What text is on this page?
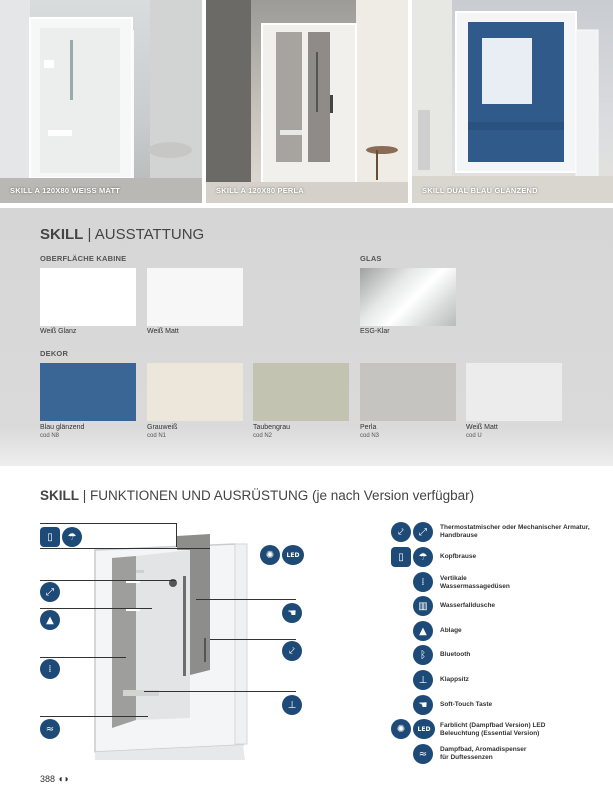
SKILL A 120X80 WEISS MATT	SKILL A 120X80 PERLA	SKILL DUAL BLAU GLÄNZEND
SKILL | AUSSTATTUNG
OBERFLÄCHE KABINE	GLAS
Weiß Glanz	Weiß Matt	ESG-Klar
DEKOR
Blau glänzend
cod N8
Grauweiß
cod N1
Taubengrau
cod N2
Perla
cod N3
Weiß Matt
cod U
SKILL | FUNKTIONEN UND AUSRÜSTUNG (je nach Version verfügbar)
▯	☂
⤢
▲
⁞
≈
✺	LED
☚
⤦
⊥
⤦	⤢	Thermostatmischer oder Mechanischer Armatur, Handbrause
▯	☂	Kopfbrause
⁞	Vertikale Wassermassagedüsen
▥	Wasserfalldusche
▲	Ablage
ᛒ	Bluetooth
⊥	Klappsitz
☚	Soft-Touch Taste
✺	LED	Farblicht (Dampfbad Version) LED Beleuchtung (Essential Version)
≈	Dampfbad, Aromadispenser für Duftessenzen
388 ◖◗
